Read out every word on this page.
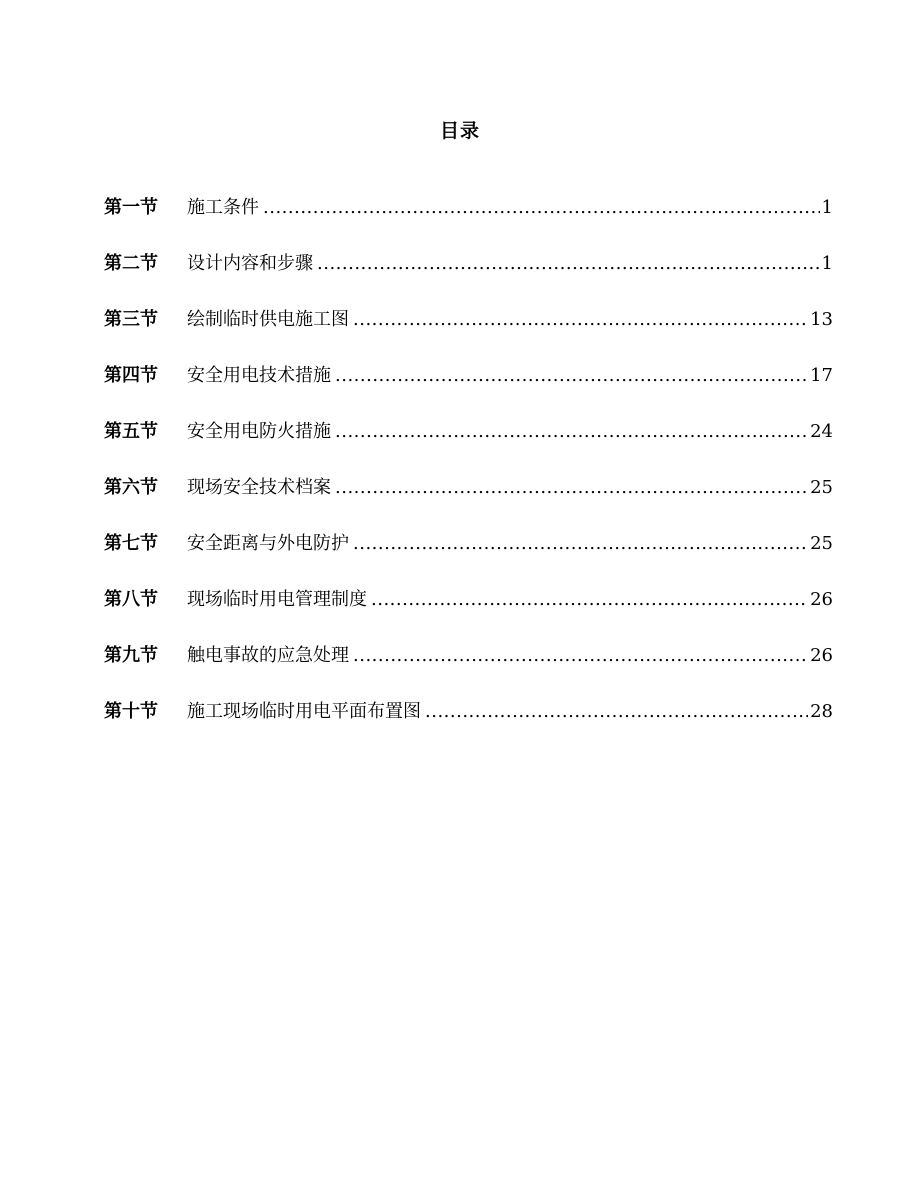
目录
第一节	施工条件 .....	1
第二节	设计内容和步骤 .....	1
第三节	绘制临时供电施工图 .....	13
第四节	安全用电技术措施 .....	17
第五节	安全用电防火措施 .....	24
第六节	现场安全技术档案 .....	25
第七节	安全距离与外电防护 .....	25
第八节	现场临时用电管理制度 .....	26
第九节	触电事故的应急处理 .....	26
第十节	施工现场临时用电平面布置图 .....	28
